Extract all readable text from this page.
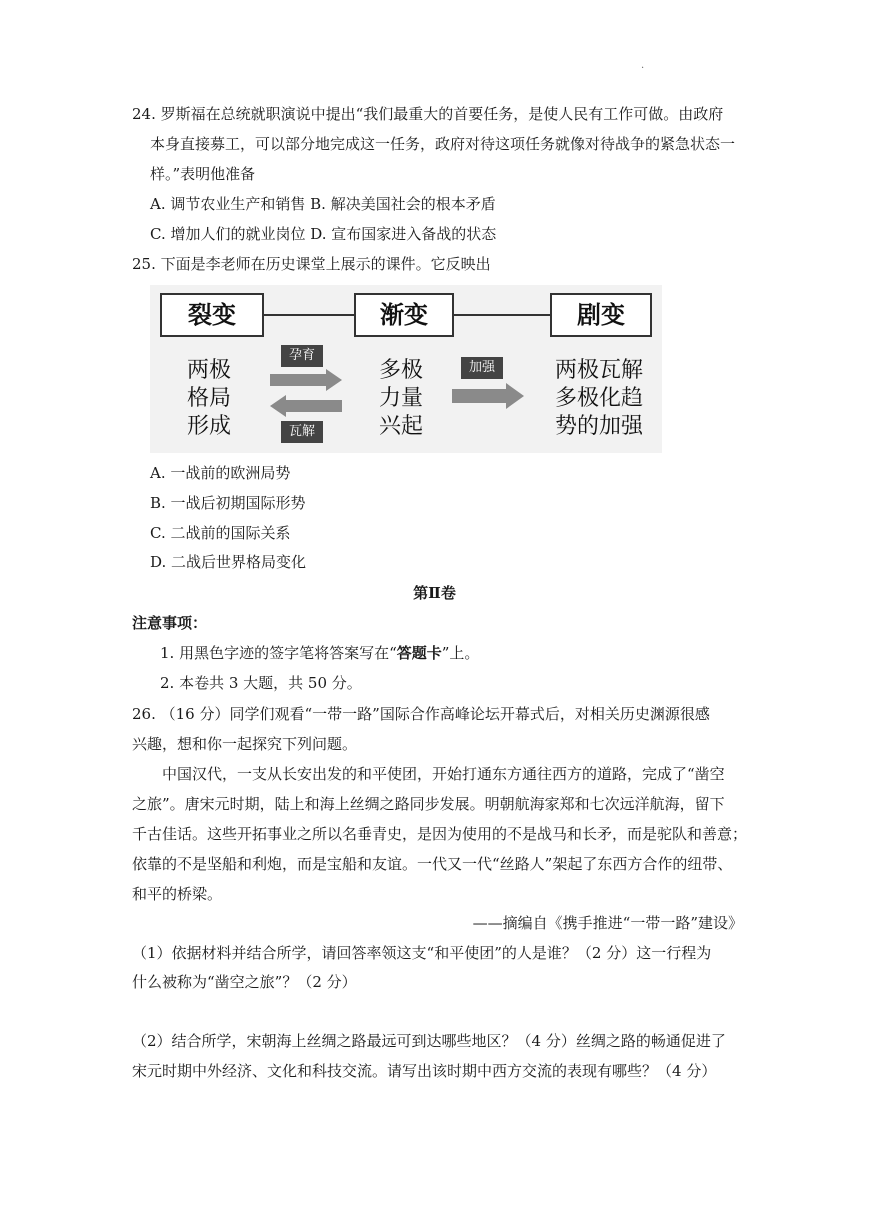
.
24. 罗斯福在总统就职演说中提出“我们最重大的首要任务，是使人民有工作可做。由政府
本身直接募工，可以部分地完成这一任务，政府对待这项任务就像对待战争的紧急状态一
样。”表明他准备
A. 调节农业生产和销售 B. 解决美国社会的根本矛盾
C. 增加人们的就业岗位 D. 宣布国家进入备战的状态
25. 下面是李老师在历史课堂上展示的课件。它反映出
裂变	渐变	剧变
两极
格局
形成
孕育
瓦解
多极
力量
兴起
加强	两极瓦解
多极化趋
势的加强
A. 一战前的欧洲局势
B. 一战后初期国际形势
C. 二战前的国际关系
D. 二战后世界格局变化
第Ⅱ卷
注意事项：
1. 用黑色字迹的签字笔将答案写在“答题卡”上。
2. 本卷共 3 大题，共 50 分。
26. （16 分）同学们观看“一带一路”国际合作高峰论坛开幕式后，对相关历史渊源很感
兴趣，想和你一起探究下列问题。
中国汉代，一支从长安出发的和平使团，开始打通东方通往西方的道路，完成了“凿空
之旅”。唐宋元时期，陆上和海上丝绸之路同步发展。明朝航海家郑和七次远洋航海，留下
千古佳话。这些开拓事业之所以名垂青史，是因为使用的不是战马和长矛，而是驼队和善意；
依靠的不是坚船和利炮，而是宝船和友谊。一代又一代“丝路人”架起了东西方合作的纽带、
和平的桥梁。
——摘编自《携手推进“一带一路”建设》
（1）依据材料并结合所学，请回答率领这支“和平使团”的人是谁？（2 分）这一行程为
什么被称为“凿空之旅”？（2 分）
（2）结合所学，宋朝海上丝绸之路最远可到达哪些地区？（4 分）丝绸之路的畅通促进了
宋元时期中外经济、文化和科技交流。请写出该时期中西方交流的表现有哪些？（4 分）
